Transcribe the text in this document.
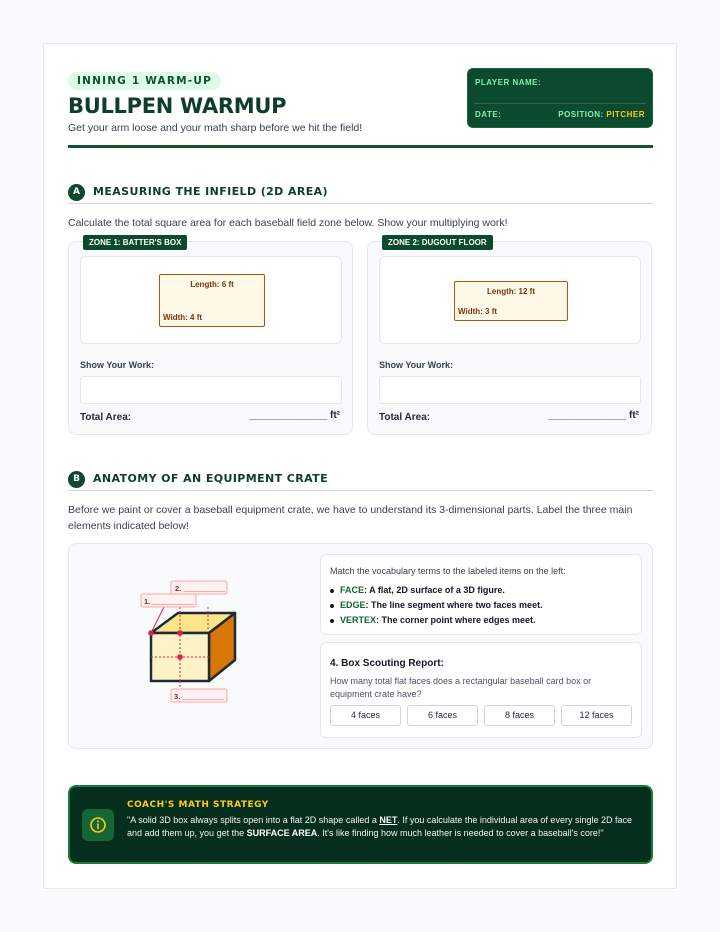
INNING 1 WARM-UP
BULLPEN WARMUP
Get your arm loose and your math sharp before we hit the field!
PLAYER NAME:
DATE:	POSITION: PITCHER
A	MEASURING THE INFIELD (2D AREA)
Calculate the total square area for each baseball field zone below. Show your multiplying work!
ZONE 1: BATTER'S BOX
Length: 6 ft
Width: 4 ft
Show Your Work:
Total Area:	______________ ft²
ZONE 2: DUGOUT FLOOR
Length: 12 ft
Width: 3 ft
Show Your Work:
Total Area:	______________ ft²
B	ANATOMY OF AN EQUIPMENT CRATE
Before we paint or cover a baseball equipment crate, we have to understand its 3-dimensional parts. Label the three main elements indicated below!
1. __________
2. __________
3. __________
Match the vocabulary terms to the labeled items on the left:
FACE: A flat, 2D surface of a 3D figure.
EDGE: The line segment where two faces meet.
VERTEX: The corner point where edges meet.
4. Box Scouting Report:
How many total flat faces does a rectangular baseball card box or equipment crate have?
4 faces	6 faces	8 faces	12 faces
COACH'S MATH STRATEGY
"A solid 3D box always splits open into a flat 2D shape called a NET. If you calculate the individual area of every single 2D face and add them up, you get the SURFACE AREA. It's like finding how much leather is needed to cover a baseball's core!"
